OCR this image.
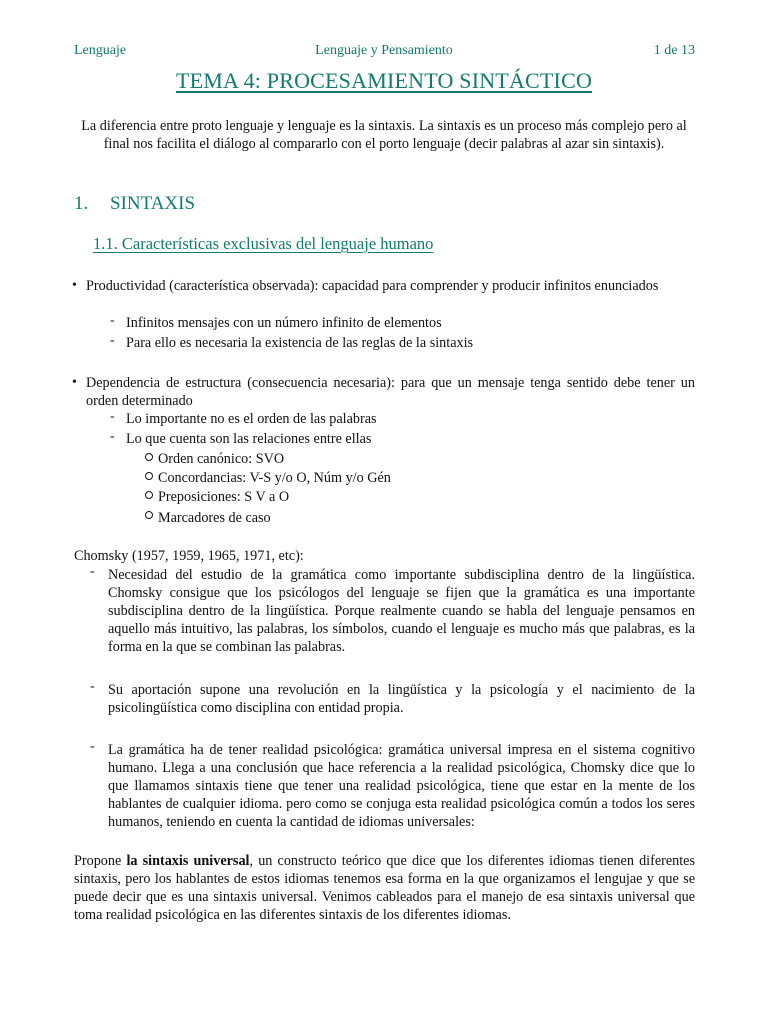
Lenguaje	Lenguaje y Pensamiento	1 de 13
TEMA 4: PROCESAMIENTO SINTÁCTICO
La diferencia entre proto lenguaje y lenguaje es la sintaxis. La sintaxis es un proceso más complejo pero al final nos facilita el diálogo al compararlo con el porto lenguaje (decir palabras al azar sin sintaxis).
1. SINTAXIS
1.1. Características exclusivas del lenguaje humano
• Productividad (característica observada): capacidad para comprender y producir infinitos enunciados
- Infinitos mensajes con un número infinito de elementos
- Para ello es necesaria la existencia de las reglas de la sintaxis
• Dependencia de estructura (consecuencia necesaria): para que un mensaje tenga sentido debe tener un orden determinado
- Lo importante no es el orden de las palabras
- Lo que cuenta son las relaciones entre ellas
Orden canónico: SVO
Concordancias: V-S y/o O, Núm y/o Gén
Preposiciones: S V a O
Marcadores de caso
Chomsky (1957, 1959, 1965, 1971, etc):
- Necesidad del estudio de la gramática como importante subdisciplina dentro de la lingüística. Chomsky consigue que los psicólogos del lenguaje se fijen que la gramática es una importante subdisciplina dentro de la lingüística. Porque realmente cuando se habla del lenguaje pensamos en aquello más intuitivo, las palabras, los símbolos, cuando el lenguaje es mucho más que palabras, es la forma en la que se combinan las palabras.
- Su aportación supone una revolución en la lingüística y la psicología y el nacimiento de la psicolingüística como disciplina con entidad propia.
- La gramática ha de tener realidad psicológica: gramática universal impresa en el sistema cognitivo humano. Llega a una conclusión que hace referencia a la realidad psicológica, Chomsky dice que lo que llamamos sintaxis tiene que tener una realidad psicológica, tiene que estar en la mente de los hablantes de cualquier idioma. pero como se conjuga esta realidad psicológica común a todos los seres humanos, teniendo en cuenta la cantidad de idiomas universales:
Propone la sintaxis universal, un constructo teórico que dice que los diferentes idiomas tienen diferentes sintaxis, pero los hablantes de estos idiomas tenemos esa forma en la que organizamos el lengujae y que se puede decir que es una sintaxis universal. Venimos cableados para el manejo de esa sintaxis universal que toma realidad psicológica en las diferentes sintaxis de los diferentes idiomas.
